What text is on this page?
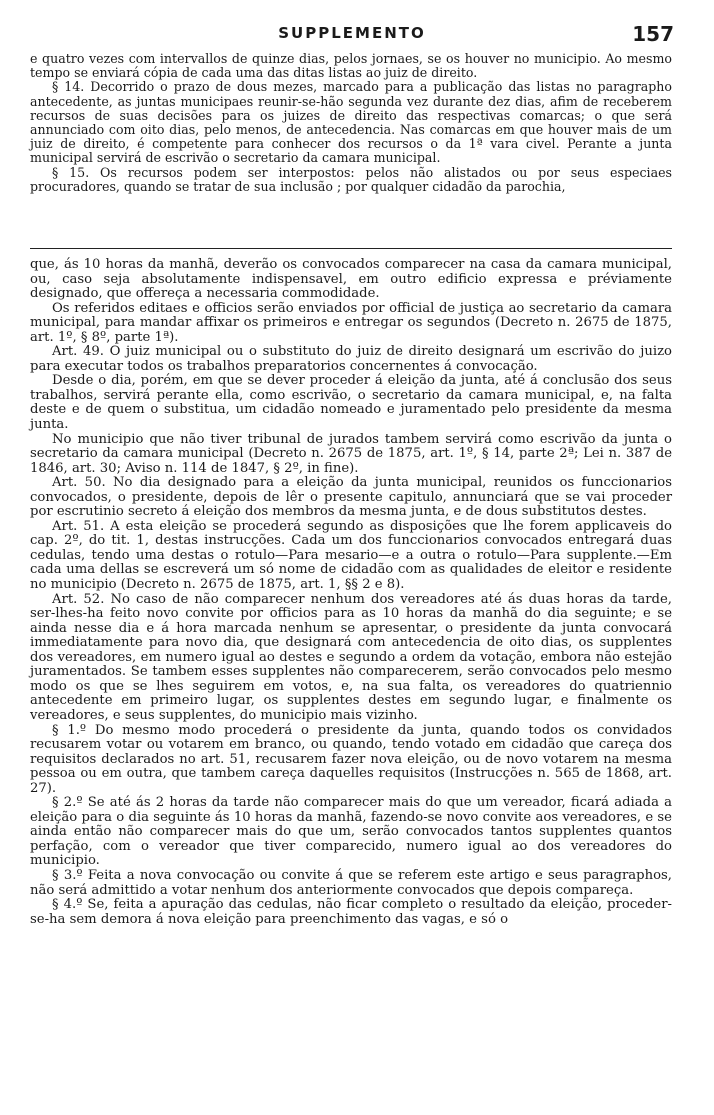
SUPPLEMENTO	157

e quatro vezes com intervallos de quinze dias, pelos jornaes, se os houver no municipio. Ao mesmo tempo se enviará cópia de cada uma das ditas listas ao juiz de direito.

§ 14. Decorrido o prazo de dous mezes, marcado para a publicação das listas no paragrapho antecedente, as juntas municipaes reunir-se-hão segunda vez durante dez dias, afim de receberem recursos de suas decisões para os juizes de direito das respectivas comarcas; o que será annunciado com oito dias, pelo menos, de antecedencia. Nas comarcas em que houver mais de um juiz de direito, é competente para conhecer dos recursos o da 1ª vara civel. Perante a junta municipal servirá de escrivão o secretario da camara municipal.

§ 15. Os recursos podem ser interpostos: pelos não alistados ou por seus especiaes procuradores, quando se tratar de sua inclusão ; por qualquer cidadão da parochia,

que, ás 10 horas da manhã, deverão os convocados comparecer na casa da camara municipal, ou, caso seja absolutamente indispensavel, em outro edificio expressa e préviamente designado, que offereça a necessaria commodidade.

Os referidos editaes e officios serão enviados por official de justiça ao secretario da camara municipal, para mandar affixar os primeiros e entregar os segundos (Decreto n. 2675 de 1875, art. 1º, § 8º, parte 1ª).

Art. 49. O juiz municipal ou o substituto do juiz de direito designará um escrivão do juizo para executar todos os trabalhos preparatorios concernentes á convocação.

Desde o dia, porém, em que se dever proceder á eleição da junta, até á conclusão dos seus trabalhos, servirá perante ella, como escrivão, o secretario da camara municipal, e, na falta deste e de quem o substitua, um cidadão nomeado e juramentado pelo presidente da mesma junta.

No municipio que não tiver tribunal de jurados tambem servirá como escrivão da junta o secretario da camara municipal (Decreto n. 2675 de 1875, art. 1º, § 14, parte 2ª; Lei n. 387 de 1846, art. 30; Aviso n. 114 de 1847, § 2º, in fine).

Art. 50. No dia designado para a eleição da junta municipal, reunidos os funccionarios convocados, o presidente, depois de lêr o presente capitulo, annunciará que se vai proceder por escrutinio secreto á eleição dos membros da mesma junta, e de dous substitutos destes.

Art. 51. A esta eleição se procederá segundo as disposições que lhe forem applicaveis do cap. 2º, do tit. 1, destas instrucções. Cada um dos funccionarios convocados entregará duas cedulas, tendo uma destas o rotulo—Para mesario—e a outra o rotulo—Para supplente.—Em cada uma dellas se escreverá um só nome de cidadão com as qualidades de eleitor e residente no municipio (Decreto n. 2675 de 1875, art. 1, §§ 2 e 8).

Art. 52. No caso de não comparecer nenhum dos vereadores até ás duas horas da tarde, ser-lhes-ha feito novo convite por officios para as 10 horas da manhã do dia seguinte; e se ainda nesse dia e á hora marcada nenhum se apresentar, o presidente da junta convocará immediatamente para novo dia, que designará com antecedencia de oito dias, os supplentes dos vereadores, em numero igual ao destes e segundo a ordem da votação, embora não estejão juramentados. Se tambem esses supplentes não comparecerem, serão convocados pelo mesmo modo os que se lhes seguirem em votos, e, na sua falta, os vereadores do quatriennio antecedente em primeiro lugar, os supplentes destes em segundo lugar, e finalmente os vereadores, e seus supplentes, do municipio mais vizinho.

§ 1.º Do mesmo modo procederá o presidente da junta, quando todos os convidados recusarem votar ou votarem em branco, ou quando, tendo votado em cidadão que careça dos requisitos declarados no art. 51, recusarem fazer nova eleição, ou de novo votarem na mesma pessoa ou em outra, que tambem careça daquelles requisitos (Instrucções n. 565 de 1868, art. 27).

§ 2.º Se até ás 2 horas da tarde não comparecer mais do que um vereador, ficará adiada a eleição para o dia seguinte ás 10 horas da manhã, fazendo-se novo convite aos vereadores, e se ainda então não comparecer mais do que um, serão convocados tantos supplentes quantos perfação, com o vereador que tiver comparecido, numero igual ao dos vereadores do municipio.

§ 3.º Feita a nova convocação ou convite á que se referem este artigo e seus paragraphos, não será admittido a votar nenhum dos anteriormente convocados que depois compareça.

§ 4.º Se, feita a apuração das cedulas, não ficar completo o resultado da eleição, proceder-se-ha sem demora á nova eleição para preenchimento das vagas, e só o
